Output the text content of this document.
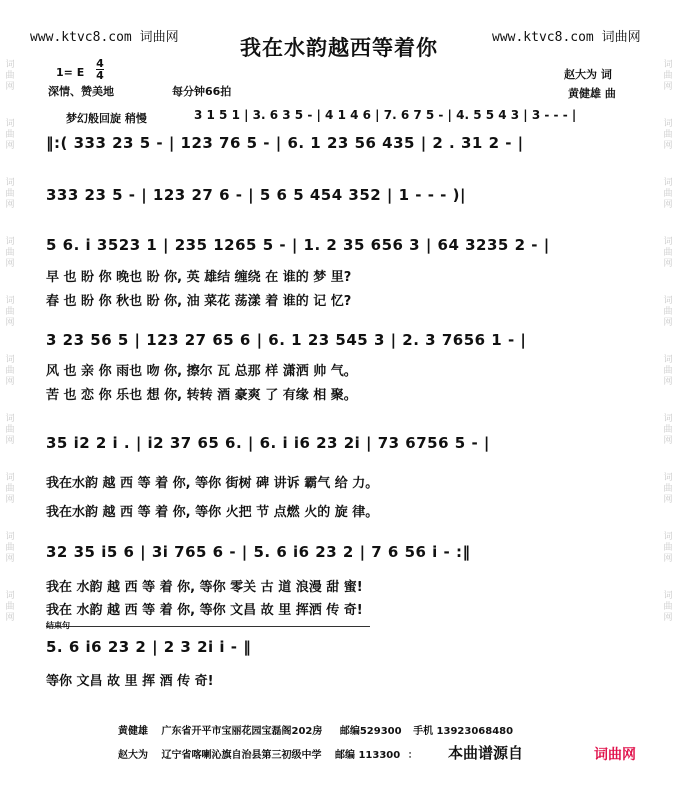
词曲网
词曲网
词曲网
词曲网
词曲网
词曲网
词曲网
词曲网
词曲网
词曲网
词曲网
词曲网
词曲网
词曲网
词曲网
词曲网
词曲网
词曲网
词曲网
词曲网
www.ktvc8.com 词曲网	www.ktvc8.com 词曲网
我在水韵越西等着你
1= E
4
4
深情、赞美地	每分钟66拍
赵大为 词
黄健雄 曲
梦幻般回旋 稍慢	3 1 5 1 | 3. 6 3 5 - | 4 1 4 6 | 7. 6 7 5 - | 4. 5 5 4 3 | 3 - - - |
‖:( 333 23 5 - | 123 76 5 - | 6. 1 23 56 435 | 2 . 31 2 - |
333 23 5 - | 123 27 6 - | 5 6 5 454 352 | 1 - - - )|
5 6. i 3523 1 | 235 1265 5 - | 1. 2 35 656 3 | 64 3235 2 - |
早 也 盼 你 晚也 盼 你, 英 雄结 缠绕 在 谁的 梦 里?
春 也 盼 你 秋也 盼 你, 油 菜花 荡漾 着 谁的 记 忆?
3 23 56 5 | 123 27 65 6 | 6. 1 23 545 3 | 2. 3 7656 1 - |
风 也 亲 你 雨也 吻 你, 擦尔 瓦 总那 样 潇洒 帅 气。
苦 也 恋 你 乐也 想 你, 转转 酒 豪爽 了 有缘 相 聚。
35 i2 2 i . | i2 37 65 6. | 6. i i6 23 2i | 73 6756 5 - |
我在水韵 越 西 等 着 你, 等你 街树 碑 讲诉 霸气 给 力。
我在水韵 越 西 等 着 你, 等你 火把 节 点燃 火的 旋 律。
32 35 i5 6 | 3i 765 6 - | 5. 6 i6 23 2 | 7 6 56 i - :‖
我在 水韵 越 西 等 着 你, 等你 零关 古 道 浪漫 甜 蜜!
我在 水韵 越 西 等 着 你, 等你 文昌 故 里 挥洒 传 奇!
结束句
5. 6 i6 23 2 | 2 3 2i i - ‖
等你 文昌 故 里 挥 酒 传 奇!
黄健雄 广东省开平市宝丽花园宝磊阁202房 邮编529300 手机 13923068480
赵大为 辽宁省喀喇沁旗自治县第三初级中学 邮编 113300 ： 本曲谱源自	词曲网
